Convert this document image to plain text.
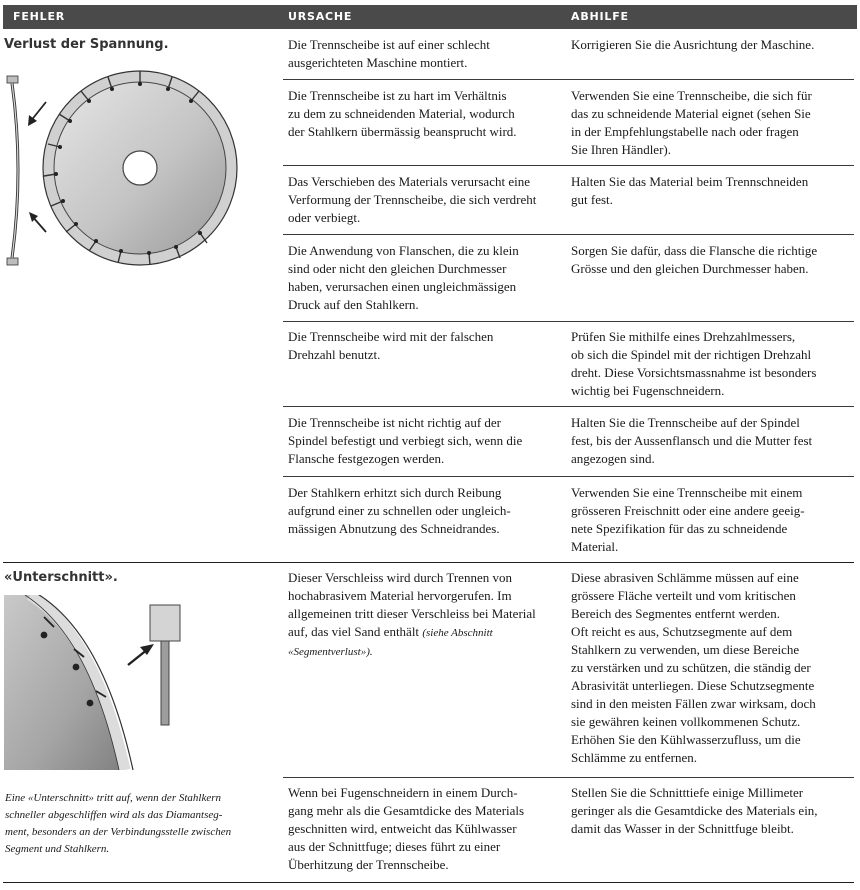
FEHLER	URSACHE	ABHILFE
Verlust der Spannung.
«Unterschnitt».

Die Trennscheibe ist auf einer schlecht
ausgerichteten Maschine montiert.

Korrigieren Sie die Ausrichtung der Maschine.

Die Trennscheibe ist zu hart im Verhältnis
zu dem zu schneidenden Material, wodurch
der Stahlkern übermässig beansprucht wird.

Verwenden Sie eine Trennscheibe, die sich für
das zu schneidende Material eignet (sehen Sie
in der Empfehlungstabelle nach oder fragen
Sie Ihren Händler).

Das Verschieben des Materials verursacht eine
Verformung der Trennscheibe, die sich verdreht
oder verbiegt.

Halten Sie das Material beim Trennschneiden
gut fest.

Die Anwendung von Flanschen, die zu klein
sind oder nicht den gleichen Durchmesser
haben, verursachen einen ungleichmässigen
Druck auf den Stahlkern.

Sorgen Sie dafür, dass die Flansche die richtige
Grösse und den gleichen Durchmesser haben.

Die Trennscheibe wird mit der falschen
Drehzahl benutzt.

Prüfen Sie mithilfe eines Drehzahlmessers,
ob sich die Spindel mit der richtigen Drehzahl
dreht. Diese Vorsichtsmassnahme ist besonders
wichtig bei Fugenschneidern.

Die Trennscheibe ist nicht richtig auf der
Spindel befestigt und verbiegt sich, wenn die
Flansche festgezogen werden.

Halten Sie die Trennscheibe auf der Spindel
fest, bis der Aussenflansch und die Mutter fest
angezogen sind.

Der Stahlkern erhitzt sich durch Reibung
aufgrund einer zu schnellen oder ungleich-
mässigen Abnutzung des Schneidrandes.

Verwenden Sie eine Trennscheibe mit einem
grösseren Freischnitt oder eine andere geeig-
nete Spezifikation für das zu schneidende
Material.

Dieser Verschleiss wird durch Trennen von
hochabrasivem Material hervorgerufen. Im
allgemeinen tritt dieser Verschleiss bei Material
auf, das viel Sand enthält (siehe Abschnitt
«Segmentverlust»).

Diese abrasiven Schlämme müssen auf eine
grössere Fläche verteilt und vom kritischen
Bereich des Segmentes entfernt werden.
Oft reicht es aus, Schutzsegmente auf dem
Stahlkern zu verwenden, um diese Bereiche
zu verstärken und zu schützen, die ständig der
Abrasivität unterliegen. Diese Schutzsegmente
sind in den meisten Fällen zwar wirksam, doch
sie gewähren keinen vollkommenen Schutz.
Erhöhen Sie den Kühlwasserzufluss, um die
Schlämme zu entfernen.

Wenn bei Fugenschneidern in einem Durch-
gang mehr als die Gesamtdicke des Materials
geschnitten wird, entweicht das Kühlwasser
aus der Schnittfuge; dieses führt zu einer
Überhitzung der Trennscheibe.

Stellen Sie die Schnitttiefe einige Millimeter
geringer als die Gesamtdicke des Materials ein,
damit das Wasser in der Schnittfuge bleibt.

Eine «Unterschnitt» tritt auf, wenn der Stahlkern
schneller abgeschliffen wird als das Diamantseg-
ment, besonders an der Verbindungsstelle zwischen
Segment und Stahlkern.
